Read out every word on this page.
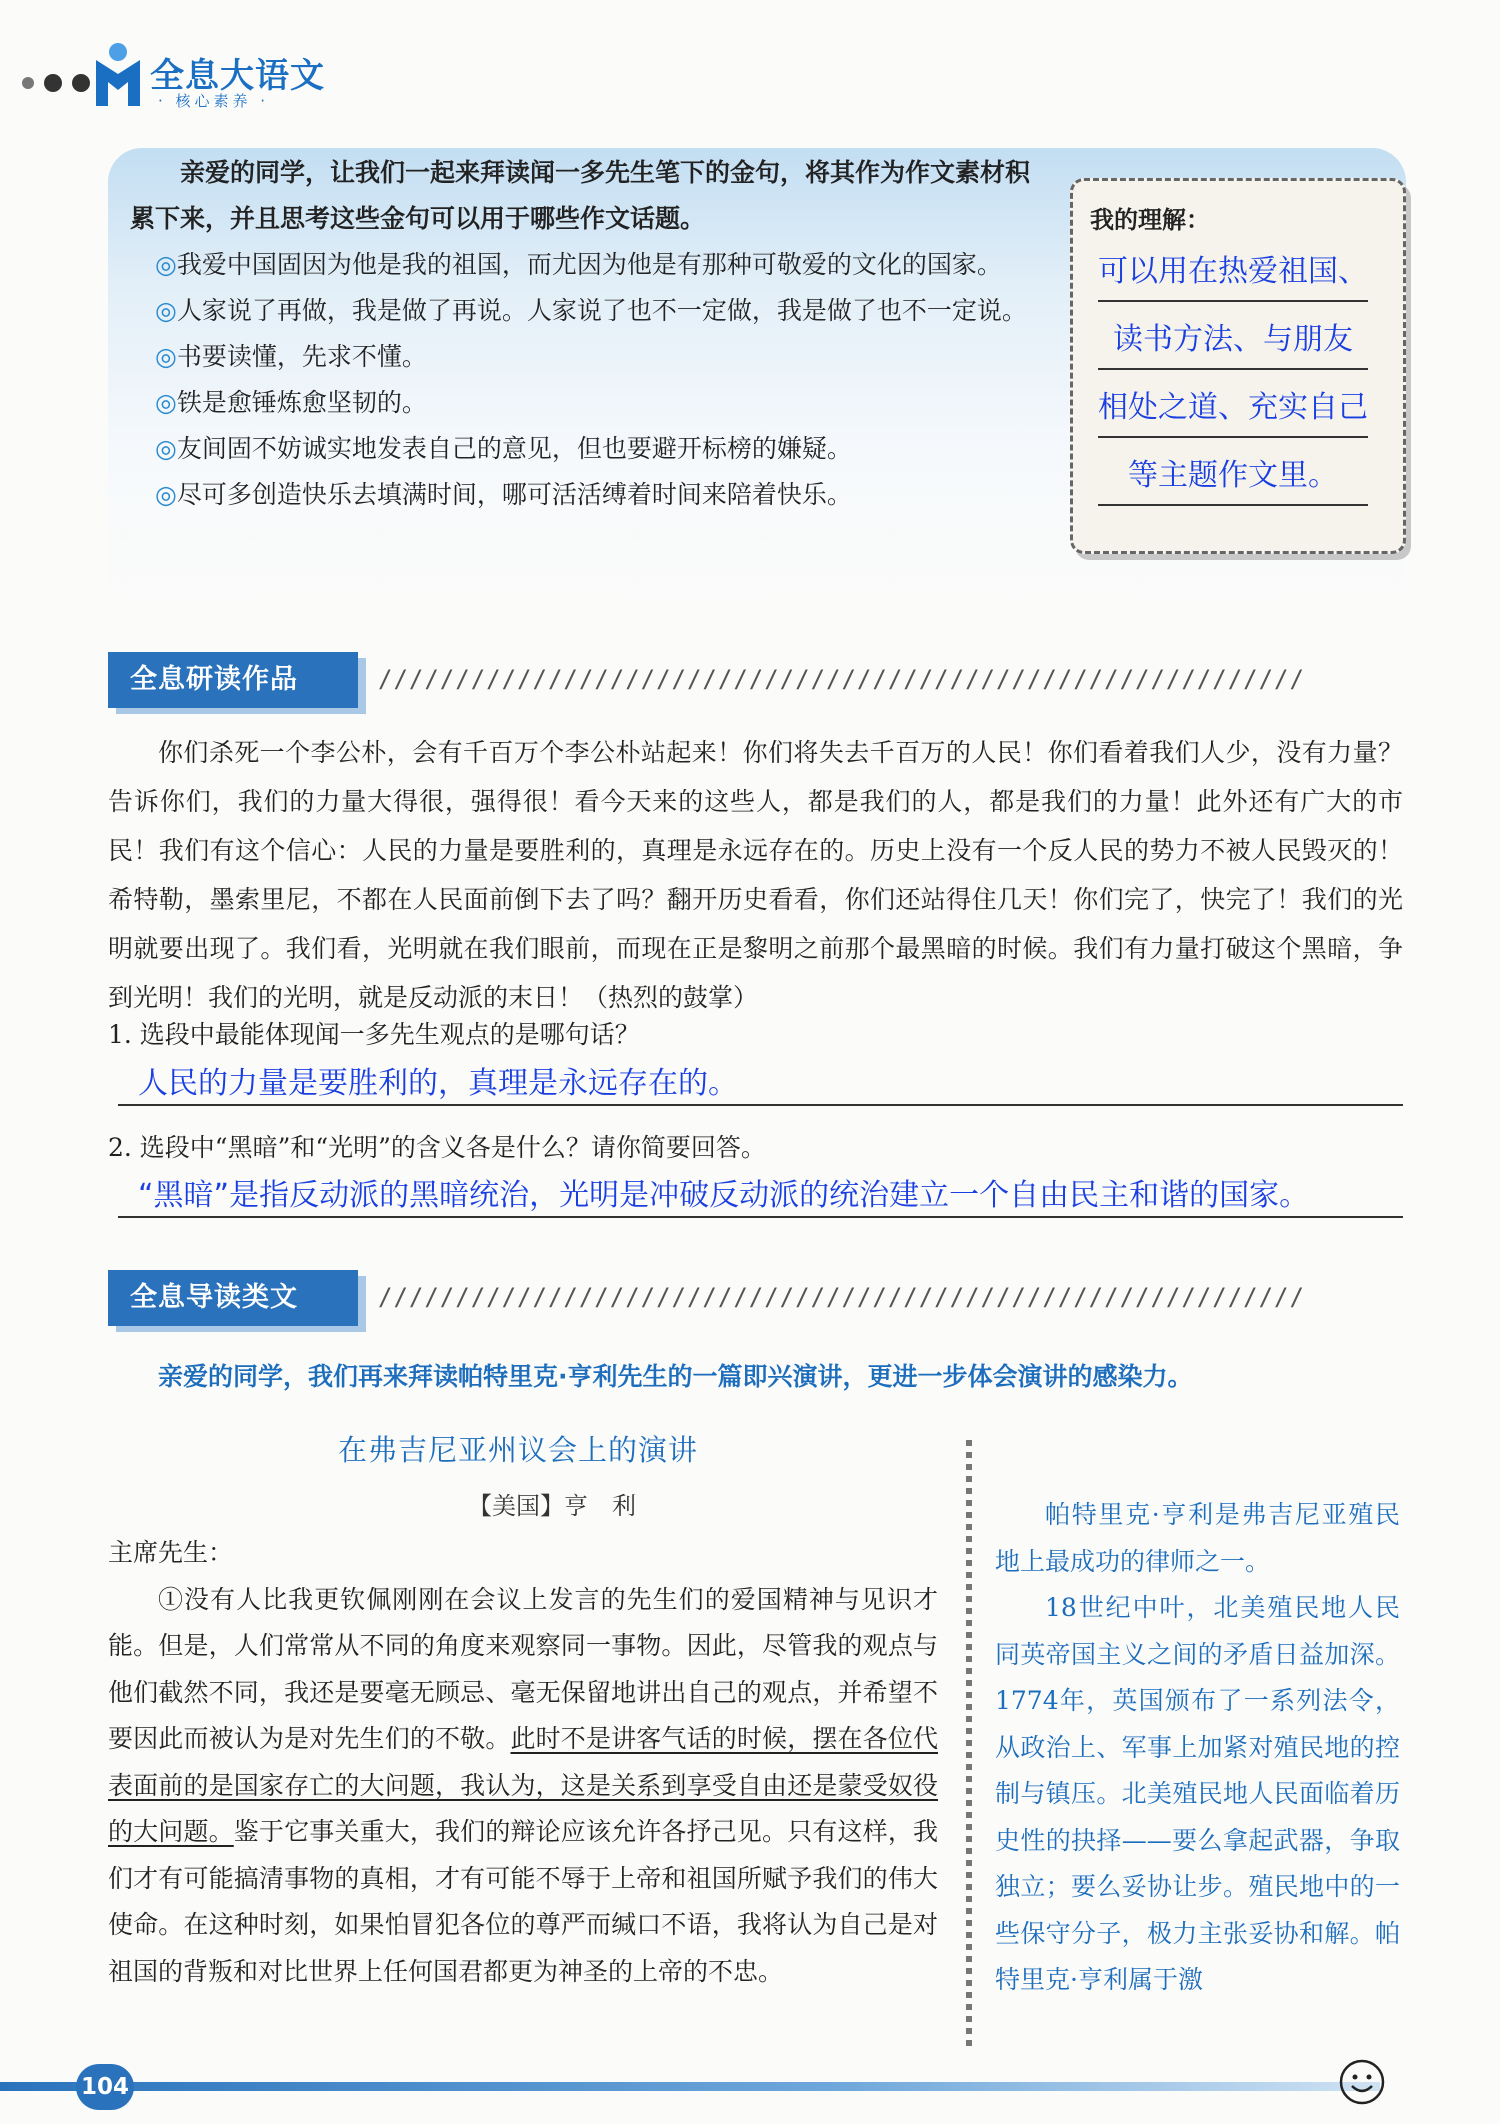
全息大语文
· 核心素养 ·

亲爱的同学，让我们一起来拜读闻一多先生笔下的金句，将其作为作文素材积累下来，并且思考这些金句可以用于哪些作文话题。

◎我爱中国固因为他是我的祖国，而尤因为他是有那种可敬爱的文化的国家。
◎人家说了再做，我是做了再说。人家说了也不一定做，我是做了也不一定说。
◎书要读懂，先求不懂。
◎铁是愈锤炼愈坚韧的。
◎友间固不妨诚实地发表自己的意见，但也要避开标榜的嫌疑。
◎尽可多创造快乐去填满时间，哪可活活缚着时间来陪着快乐。
我的理解：
可以用在热爱祖国、
读书方法、与朋友
相处之道、充实自己
等主题作文里。
全息研读作品	////////////////////////////////////////////////////////////

你们杀死一个李公朴，会有千百万个李公朴站起来！你们将失去千百万的人民！你们看着我们人少，没有力量？告诉你们，我们的力量大得很，强得很！看今天来的这些人，都是我们的人，都是我们的力量！此外还有广大的市民！我们有这个信心：人民的力量是要胜利的，真理是永远存在的。历史上没有一个反人民的势力不被人民毁灭的！希特勒，墨索里尼，不都在人民面前倒下去了吗？翻开历史看看，你们还站得住几天！你们完了，快完了！我们的光明就要出现了。我们看，光明就在我们眼前，而现在正是黎明之前那个最黑暗的时候。我们有力量打破这个黑暗，争到光明！我们的光明，就是反动派的末日！（热烈的鼓掌）

1. 选段中最能体现闻一多先生观点的是哪句话？
人民的力量是要胜利的，真理是永远存在的。
2. 选段中“黑暗”和“光明”的含义各是什么？请你简要回答。
“黑暗”是指反动派的黑暗统治，光明是冲破反动派的统治建立一个自由民主和谐的国家。
全息导读类文	////////////////////////////////////////////////////////////
亲爱的同学，我们再来拜读帕特里克·亨利先生的一篇即兴演讲，更进一步体会演讲的感染力。
在弗吉尼亚州议会上的演讲
【美国】亨　利

主席先生：

①没有人比我更钦佩刚刚在会议上发言的先生们的爱国精神与见识才能。但是，人们常常从不同的角度来观察同一事物。因此，尽管我的观点与他们截然不同，我还是要毫无顾忌、毫无保留地讲出自己的观点，并希望不要因此而被认为是对先生们的不敬。此时不是讲客气话的时候，摆在各位代表面前的是国家存亡的大问题，我认为，这是关系到享受自由还是蒙受奴役的大问题。鉴于它事关重大，我们的辩论应该允许各抒己见。只有这样，我们才有可能搞清事物的真相，才有可能不辱于上帝和祖国所赋予我们的伟大使命。在这种时刻，如果怕冒犯各位的尊严而缄口不语，我将认为自己是对祖国的背叛和对比世界上任何国君都更为神圣的上帝的不忠。

帕特里克·亨利是弗吉尼亚殖民地上最成功的律师之一。

18世纪中叶，北美殖民地人民同英帝国主义之间的矛盾日益加深。1774年，英国颁布了一系列法令，从政治上、军事上加紧对殖民地的控制与镇压。北美殖民地人民面临着历史性的抉择——要么拿起武器，争取独立；要么妥协让步。殖民地中的一些保守分子，极力主张妥协和解。帕特里克·亨利属于激

104
